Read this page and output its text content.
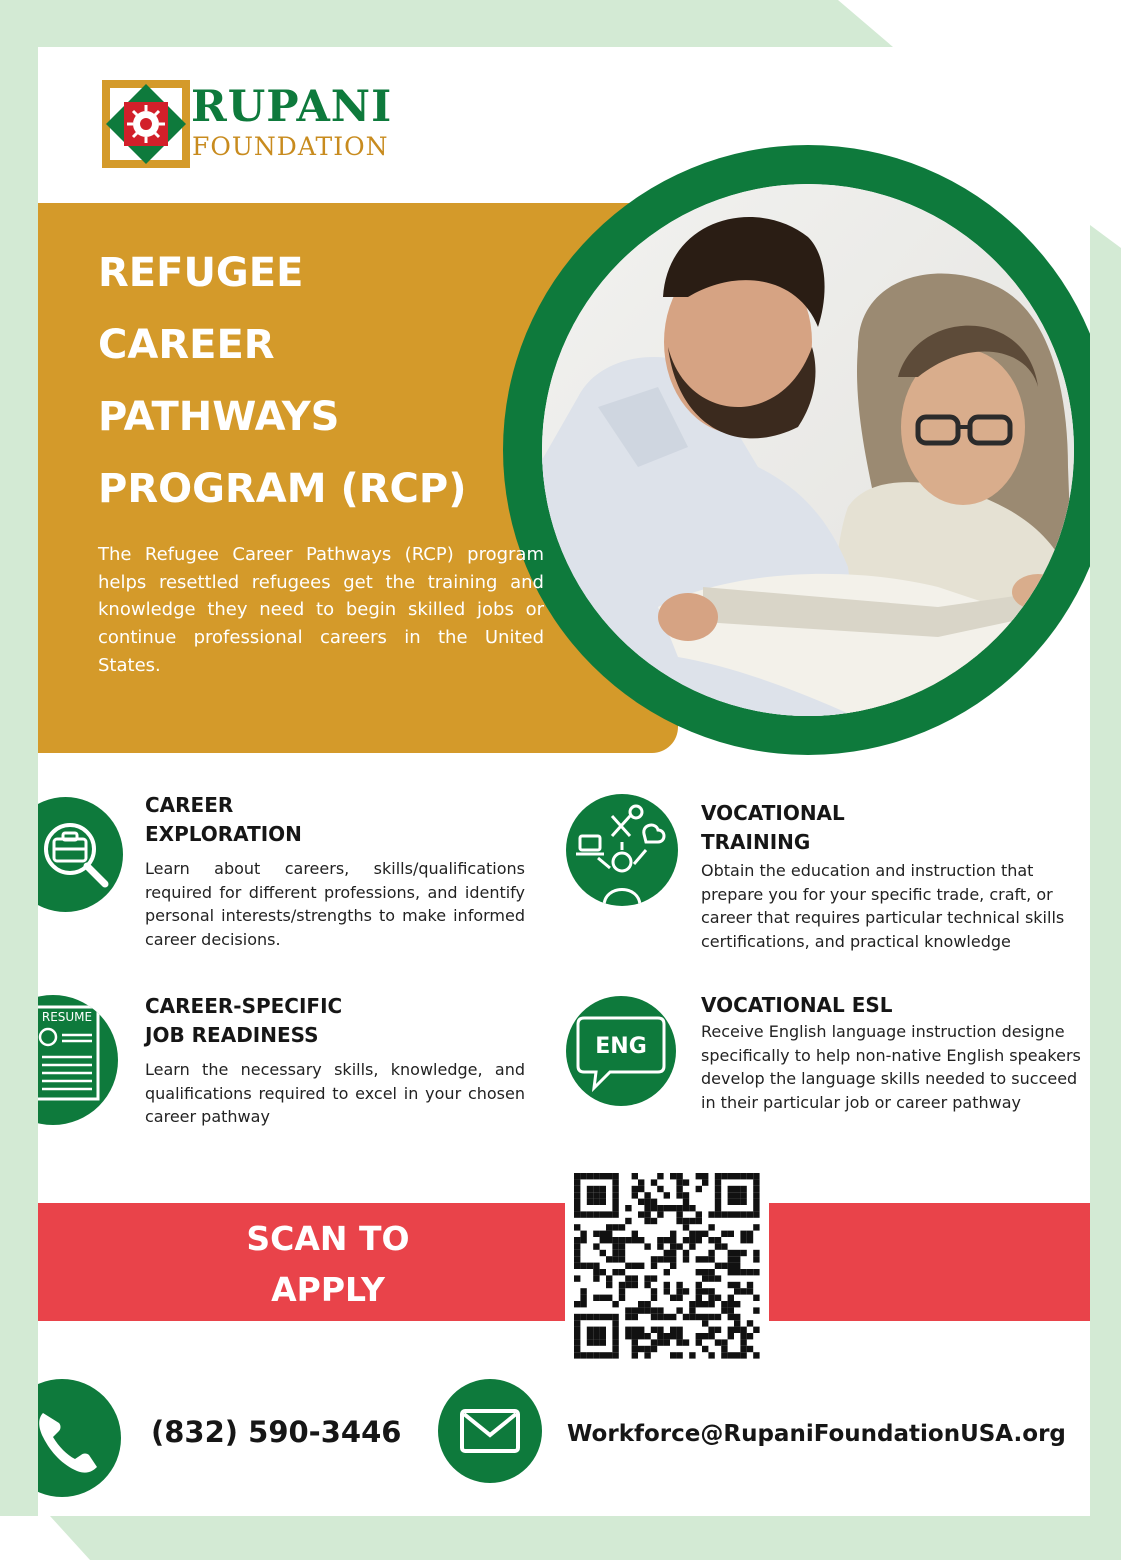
RUPANI
FOUNDATION
REFUGEE
CAREER
PATHWAYS
PROGRAM (RCP)

The Refugee Career Pathways (RCP) program helps resettled refugees get the training and knowledge they need to begin skilled jobs or continue professional careers in the United States.

CAREER
EXPLORATION

Learn about careers, skills/qualifications required for different professions, and identify personal interests/strengths to make informed career decisions.

VOCATIONAL
TRAINING

Obtain the education and instruction that prepare you for your specific trade, craft, or career that requires particular technical skills certifications, and practical knowledge

RESUME	CAREER-SPECIFIC
JOB READINESS

Learn the necessary skills, knowledge, and qualifications required to excel in your chosen career pathway

ENG
VOCATIONAL ESL

Receive English language instruction designe specifically to help non-native English speakers develop the language skills needed to succeed in their particular job or career pathway

SCAN TO
APPLY
(832) 590-3446	Workforce@RupaniFoundationUSA.org
